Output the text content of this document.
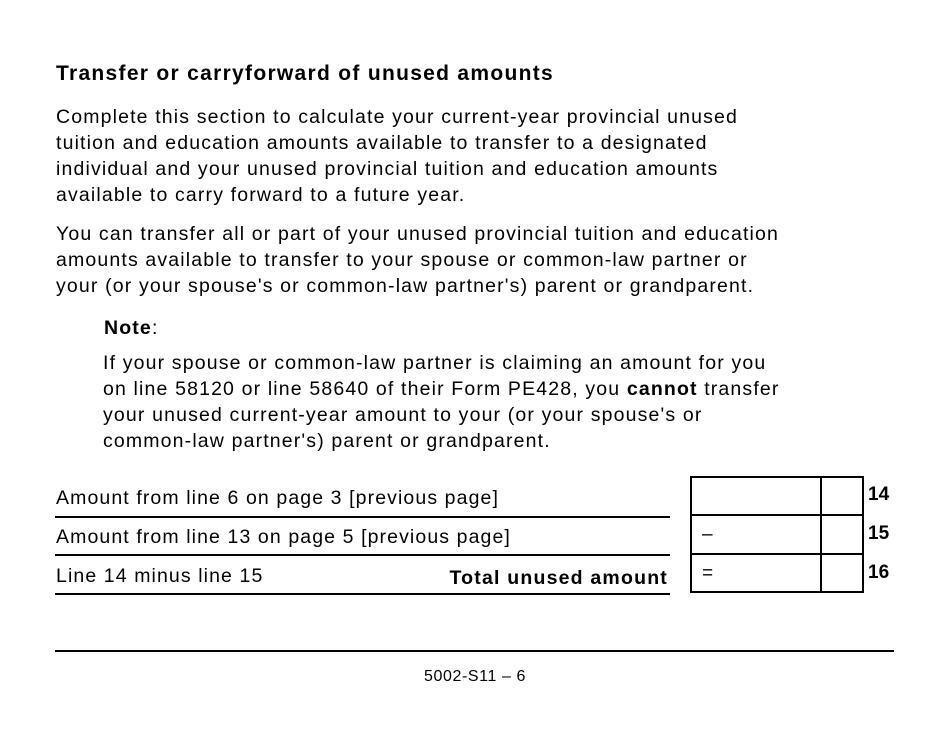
Transfer or carryforward of unused amounts

Complete this section to calculate your current-year provincial unused
tuition and education amounts available to transfer to a designated
individual and your unused provincial tuition and education amounts
available to carry forward to a future year.

You can transfer all or part of your unused provincial tuition and education
amounts available to transfer to your spouse or common-law partner or
your (or your spouse's or common-law partner's) parent or grandparent.

Note:

If your spouse or common-law partner is claiming an amount for you
on line 58120 or line 58640 of their Form PE428, you cannot transfer
your unused current-year amount to your (or your spouse's or
common-law partner's) parent or grandparent.

Amount from line 6 on page 3 [previous page]
Amount from line 13 on page 5 [previous page]
Line 14 minus line 15	Total unused amount
–
=
14
15
16
5002-S11 – 6
